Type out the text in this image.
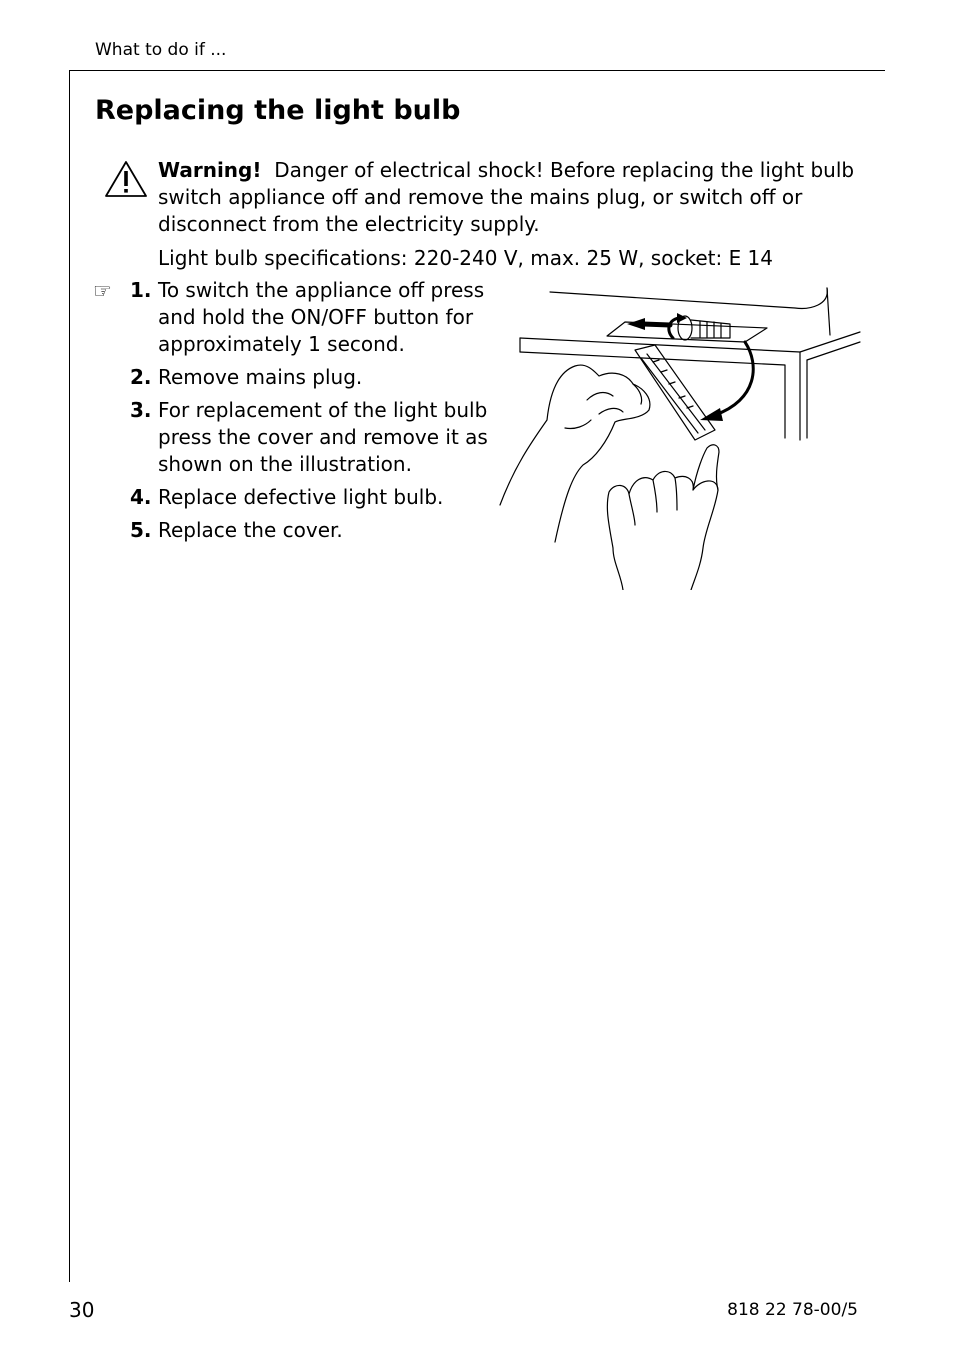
What to do if ...
Replacing the light bulb
Warning! Danger of electrical shock! Before replacing the light bulb switch appliance off and remove the mains plug, or switch off or disconnect from the electricity supply.
Light bulb specifications: 220-240 V, max. 25 W, socket: E 14
☞ 1. To switch the appliance off press and hold the ON/OFF button for approximately 1 second.
2. Remove mains plug.
3. For replacement of the light bulb press the cover and remove it as shown on the illustration.
4. Replace defective light bulb.
5. Replace the cover.
30	818 22 78-00/5
